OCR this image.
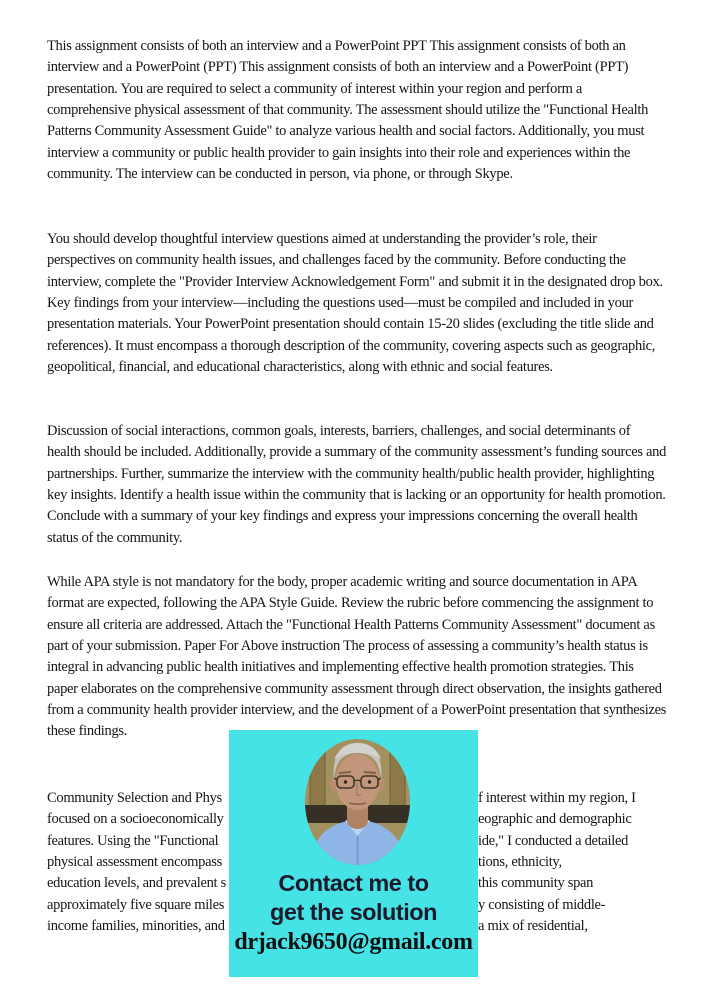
This assignment consists of both an interview and a PowerPoint PPT This assignment consists of both an interview and a PowerPoint (PPT) This assignment consists of both an interview and a PowerPoint (PPT) presentation. You are required to select a community of interest within your region and perform a comprehensive physical assessment of that community. The assessment should utilize the "Functional Health Patterns Community Assessment Guide" to analyze various health and social factors. Additionally, you must interview a community or public health provider to gain insights into their role and experiences within the community. The interview can be conducted in person, via phone, or through Skype.
You should develop thoughtful interview questions aimed at understanding the provider’s role, their perspectives on community health issues, and challenges faced by the community. Before conducting the interview, complete the "Provider Interview Acknowledgement Form" and submit it in the designated drop box. Key findings from your interview—including the questions used—must be compiled and included in your presentation materials. Your PowerPoint presentation should contain 15-20 slides (excluding the title slide and references). It must encompass a thorough description of the community, covering aspects such as geographic, geopolitical, financial, and educational characteristics, along with ethnic and social features.
Discussion of social interactions, common goals, interests, barriers, challenges, and social determinants of health should be included. Additionally, provide a summary of the community assessment’s funding sources and partnerships. Further, summarize the interview with the community health/public health provider, highlighting key insights. Identify a health issue within the community that is lacking or an opportunity for health promotion. Conclude with a summary of your key findings and express your impressions concerning the overall health status of the community.
While APA style is not mandatory for the body, proper academic writing and source documentation in APA format are expected, following the APA Style Guide. Review the rubric before commencing the assignment to ensure all criteria are addressed. Attach the "Functional Health Patterns Community Assessment" document as part of your submission. Paper For Above instruction The process of assessing a community’s health status is integral in advancing public health initiatives and implementing effective health promotion strategies. This paper elaborates on the comprehensive community assessment through direct observation, the insights gathered from a community health provider interview, and the development of a PowerPoint presentation that synthesizes these findings.
Community Selection and Phys	f interest within my region, I
focused on a socioeconomically	eographic and demographic
features. Using the "Functional	ide," I conducted a detailed
physical assessment encompass	tions, ethnicity,
education levels, and prevalent s	this community span
approximately five square miles	y consisting of middle-
income families, minorities, and	a mix of residential,
Contact me to
get the solution
drjack9650@gmail.com
